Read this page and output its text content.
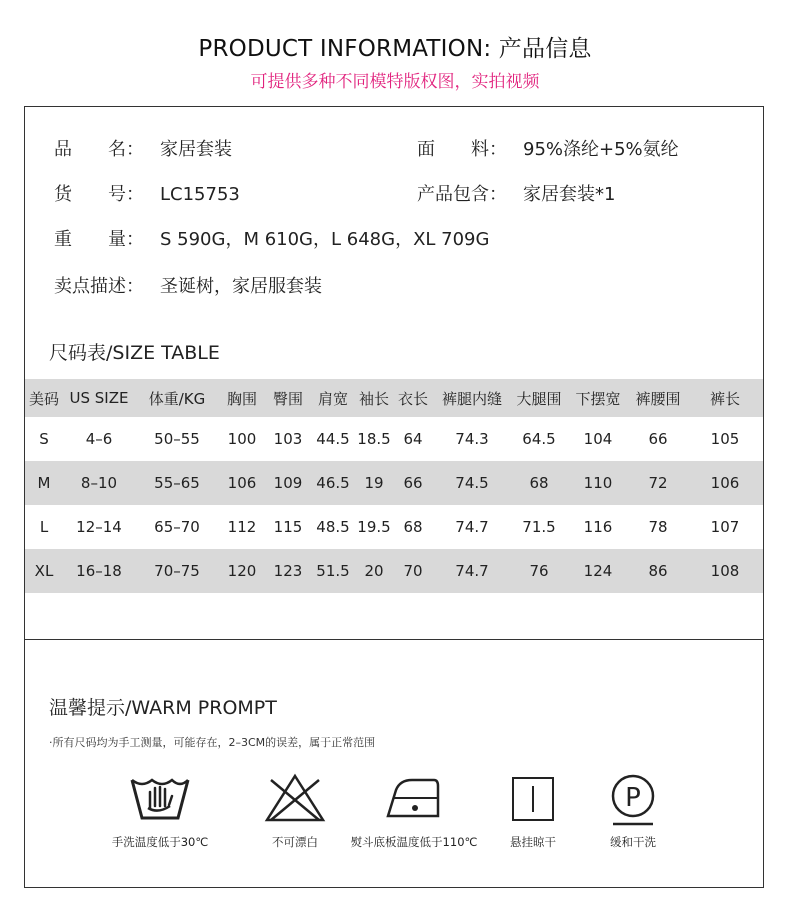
PRODUCT INFORMATION: 产品信息
可提供多种不同模特版权图，实拍视频
品　　名： 家居套装	面　　料： 95%涤纶+5%氨纶
货　　号： LC15753	产品包含： 家居套装*1
重　　量： S 590G，M 610G，L 648G，XL 709G
卖点描述： 圣诞树，家居服套装
尺码表/SIZE TABLE
美码	US SIZE	体重/KG	胸围	臀围	肩宽	袖长	衣长	裤腿内缝	大腿围	下摆宽	裤腰围	裤长
S	4–6	50–55	100	103	44.5	18.5	64	74.3	64.5	104	66	105
M	8–10	55–65	106	109	46.5	19	66	74.5	68	110	72	106
L	12–14	65–70	112	115	48.5	19.5	68	74.7	71.5	116	78	107
XL	16–18	70–75	120	123	51.5	20	70	74.7	76	124	86	108
温馨提示/WARM PROMPT
·所有尺码均为手工测量，可能存在，2–3CM的误差，属于正常范围
手洗温度低于30℃	不可漂白	熨斗底板温度低于110℃	悬挂晾干
P
缓和干洗
